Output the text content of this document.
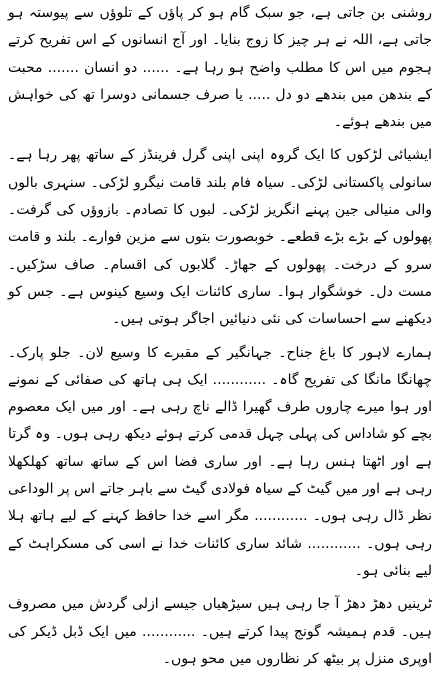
روشنی بن جاتی ہے، جو سبک گام ہو کر پاؤں کے تلوؤں سے پیوستہ ہو جاتی ہے، اللہ نے ہر چیز کا زوج بنایا۔ اور آج انسانوں کے اس تفریح کرتے ہجوم میں اس کا مطلب واضح ہو رہا ہے۔ ...... دو انسان ....... محبت کے بندھن میں بندھے دو دل ..... یا صرف جسمانی دوسرا تھ کی خواہش میں بندھے ہوئے۔

ایشیائی لڑکوں کا ایک گروہ اپنی اپنی گرل فرینڈز کے ساتھ پھر رہا ہے۔ سانولی پاکستانی لڑکی۔ سیاہ فام بلند قامت نیگرو لڑکی۔ سنہری بالوں والی منیالی جین پہنے انگریز لڑکی۔ لبوں کا تصادم۔ بازوؤں کی گرفت۔ پھولوں کے بڑے بڑے قطعے۔ خوبصورت بتوں سے مزین فوارے۔ بلند و قامت سرو کے درخت۔ پھولوں کے جھاڑ۔ گلابوں کی اقسام۔ صاف سڑکیں۔ مست دل۔ خوشگوار ہوا۔ ساری کائنات ایک وسیع کینوس ہے۔ جس کو دیکھنے سے احساسات کی نئی دنیائیں اجاگر ہوتی ہیں۔

ہمارے لاہور کا باغ جناح۔ جہانگیر کے مقبرے کا وسیع لان۔ جلو پارک۔ چھانگا مانگا کی تفریح گاہ۔ ............ ایک ہی ہاتھ کی صفائی کے نمونے اور ہوا میرے چاروں طرف گھیرا ڈالے ناچ رہی ہے۔ اور میں ایک معصوم بچے کو شاداس کی پہلی چہل قدمی کرتے ہوئے دیکھ رہی ہوں۔ وہ گرتا ہے اور اٹھتا ہنس رہا ہے۔ اور ساری فضا اس کے ساتھ ساتھ کھلکھلا رہی ہے اور میں گیٹ کے سیاہ فولادی گیٹ سے باہر جاتے اس پر الوداعی نظر ڈال رہی ہوں۔ ............ مگر اسے خدا حافظ کہنے کے لیے ہاتھ ہلا رہی ہوں۔ ............ شائد ساری کائنات خدا نے اسی کی مسکراہٹ کے لیے بنائی ہو۔

ٹرینیں دھڑ دھڑ آ جا رہی ہیں سیڑھیاں جیسے ازلی گردش میں مصروف ہیں۔ قدم ہمیشہ گونج پیدا کرتے ہیں۔ ............ میں ایک ڈبل ڈیکر کی اوپری منزل پر بیٹھ کر نظاروں میں محو ہوں۔
